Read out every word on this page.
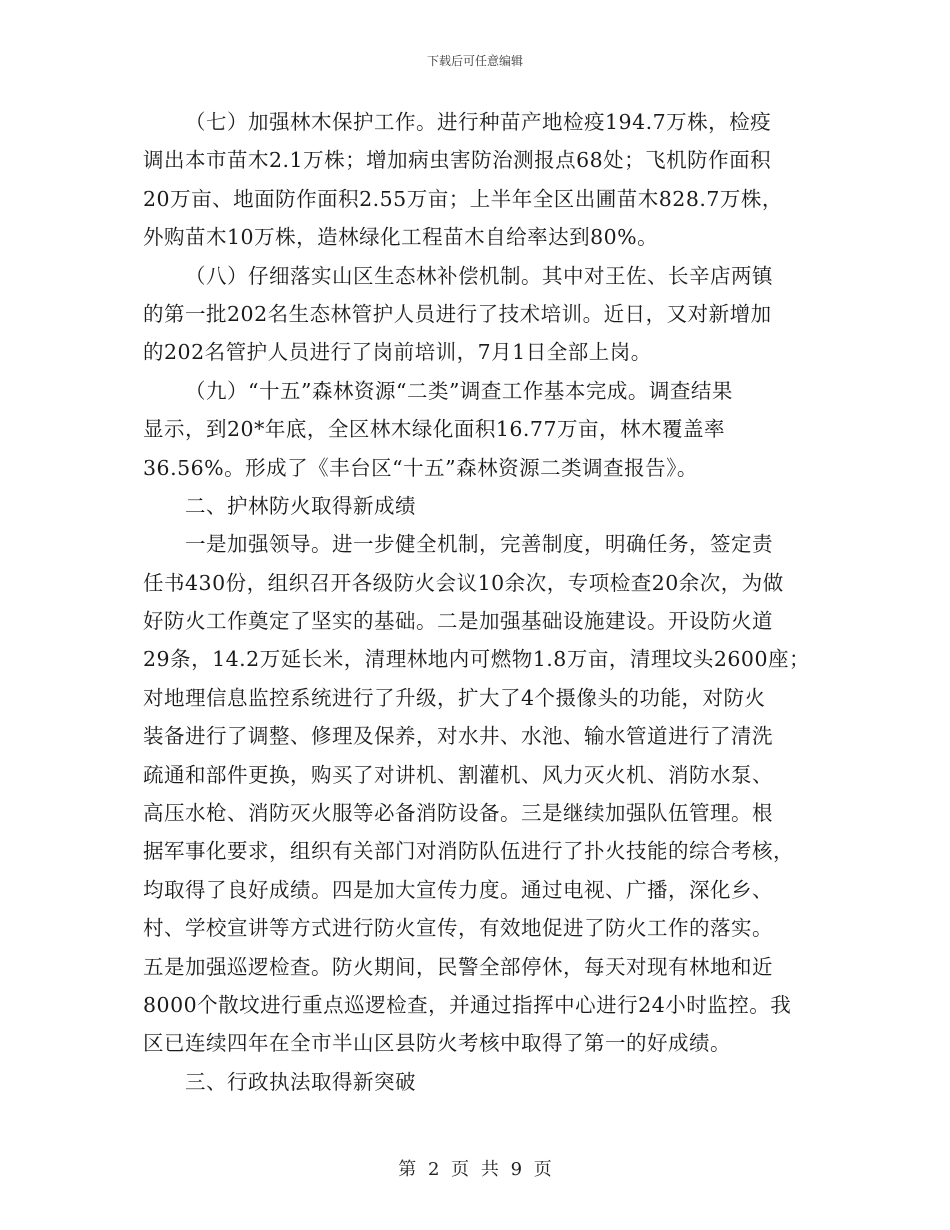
下载后可任意编辑
（七）加强林木保护工作。进行种苗产地检疫194.7万株，检疫
调出本市苗木2.1万株；增加病虫害防治测报点68处；飞机防作面积
20万亩、地面防作面积2.55万亩；上半年全区出圃苗木828.7万株，
外购苗木10万株，造林绿化工程苗木自给率达到80%。
（八）仔细落实山区生态林补偿机制。其中对王佐、长辛店两镇
的第一批202名生态林管护人员进行了技术培训。近日，又对新增加
的202名管护人员进行了岗前培训，7月1日全部上岗。
（九）“十五”森林资源“二类”调查工作基本完成。调查结果
显示，到20*年底，全区林木绿化面积16.77万亩，林木覆盖率
36.56%。形成了《丰台区“十五”森林资源二类调查报告》。
二、护林防火取得新成绩
一是加强领导。进一步健全机制，完善制度，明确任务，签定责
任书430份，组织召开各级防火会议10余次，专项检查20余次，为做
好防火工作奠定了坚实的基础。二是加强基础设施建设。开设防火道
29条，14.2万延长米，清理林地内可燃物1.8万亩，清理坟头2600座；
对地理信息监控系统进行了升级，扩大了4个摄像头的功能，对防火
装备进行了调整、修理及保养，对水井、水池、输水管道进行了清洗
疏通和部件更换，购买了对讲机、割灌机、风力灭火机、消防水泵、
高压水枪、消防灭火服等必备消防设备。三是继续加强队伍管理。根
据军事化要求，组织有关部门对消防队伍进行了扑火技能的综合考核，
均取得了良好成绩。四是加大宣传力度。通过电视、广播，深化乡、
村、学校宣讲等方式进行防火宣传，有效地促进了防火工作的落实。
五是加强巡逻检查。防火期间，民警全部停休，每天对现有林地和近
8000个散坟进行重点巡逻检查，并通过指挥中心进行24小时监控。我
区已连续四年在全市半山区县防火考核中取得了第一的好成绩。
三、行政执法取得新突破
第 2 页 共 9 页
